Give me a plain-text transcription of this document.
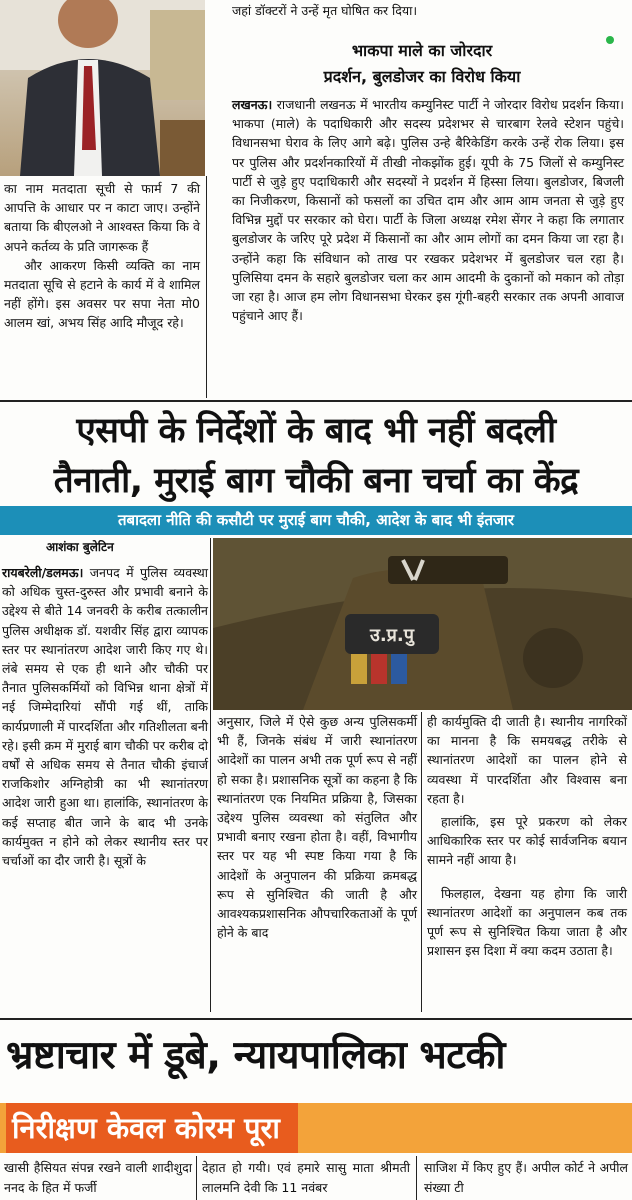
जहां डॉक्टरों ने उन्हें मृत घोषित कर दिया।

का नाम मतदाता सूची से फार्म 7 की आपत्ति के आधार पर न काटा जाए। उन्होंने बताया कि बीएलओ ने आश्वस्त किया कि वे अपने कर्तव्य के प्रति जागरूक हैं

और आकरण किसी व्यक्ति का नाम मतदाता सूचि से हटाने के कार्य में वे शामिल नहीं होंगे। इस अवसर पर सपा नेता मो0 आलम खां, अभय सिंह आदि मौजूद रहे।

भाकपा माले का जोरदार
प्रदर्शन, बुलडोजर का विरोध किया

लखनऊ। राजधानी लखनऊ में भारतीय कम्युनिस्ट पार्टी ने जोरदार विरोध प्रदर्शन किया। भाकपा (माले) के पदाधिकारी और सदस्य प्रदेशभर से चारबाग रेलवे स्टेशन पहुंचे। विधानसभा घेराव के लिए आगे बढ़े। पुलिस उन्हे बैरिकेडिंग करके उन्हें रोक लिया। इस पर पुलिस और प्रदर्शनकारियों में तीखी नोकझोंक हुई। यूपी के 75 जिलों से कम्युनिस्ट पार्टी से जुड़े हुए पदाधिकारी और सदस्यों ने प्रदर्शन में हिस्सा लिया। बुलडोजर, बिजली का निजीकरण, किसानों को फसलों का उचित दाम और आम आम जनता से जुड़े हुए विभिन्न मुद्दों पर सरकार को घेरा। पार्टी के जिला अध्यक्ष रमेश सेंगर ने कहा कि लगातार बुलडोजर के जरिए पूरे प्रदेश में किसानों का और आम लोगों का दमन किया जा रहा है। उन्होंने कहा कि संविधान को ताख पर रखकर प्रदेशभर में बुलडोजर चल रहा है। पुलिसिया दमन के सहारे बुलडोजर चला कर आम आदमी के दुकानों को मकान को तोड़ा जा रहा है। आज हम लोग विधानसभा घेरकर इस गूंगी-बहरी सरकार तक अपनी आवाज पहुंचाने आए हैं।

एसपी के निर्देशों के बाद भी नहीं बदली
तैनाती, मुराई बाग चौकी बना चर्चा का केंद्र
तबादला नीति की कसौटी पर मुराई बाग चौकी, आदेश के बाद भी इंतजार
आशंका बुलेटिन
उ.प्र.पु

रायबरेली/डलमऊ। जनपद में पुलिस व्यवस्था को अधिक चुस्त-दुरुस्त और प्रभावी बनाने के उद्देश्य से बीते 14 जनवरी के करीब तत्कालीन पुलिस अधीक्षक डॉ. यशवीर सिंह द्वारा व्यापक स्तर पर स्थानांतरण आदेश जारी किए गए थे। लंबे समय से एक ही थाने और चौकी पर तैनात पुलिसकर्मियों को विभिन्न थाना क्षेत्रों में नई जिम्मेदारियां सौंपी गई थीं, ताकि कार्यप्रणाली में पारदर्शिता और गतिशीलता बनी रहे। इसी क्रम में मुराई बाग चौकी पर करीब दो वर्षों से अधिक समय से तैनात चौकी इंचार्ज राजकिशोर अग्निहोत्री का भी स्थानांतरण आदेश जारी हुआ था। हालांकि, स्थानांतरण के कई सप्ताह बीत जाने के बाद भी उनके कार्यमुक्त न होने को लेकर स्थानीय स्तर पर चर्चाओं का दौर जारी है। सूत्रों के

अनुसार, जिले में ऐसे कुछ अन्य पुलिसकर्मी भी हैं, जिनके संबंध में जारी स्थानांतरण आदेशों का पालन अभी तक पूर्ण रूप से नहीं हो सका है। प्रशासनिक सूत्रों का कहना है कि स्थानांतरण एक नियमित प्रक्रिया है, जिसका उद्देश्य पुलिस व्यवस्था को संतुलित और प्रभावी बनाए रखना होता है। वहीं, विभागीय स्तर पर यह भी स्पष्ट किया गया है कि आदेशों के अनुपालन की प्रक्रिया क्रमबद्ध रूप से सुनिश्चित की जाती है और आवश्यकप्रशासनिक औपचारिकताओं के पूर्ण होने के बाद

ही कार्यमुक्ति दी जाती है। स्थानीय नागरिकों का मानना है कि समयबद्ध तरीके से स्थानांतरण आदेशों का पालन होने से व्यवस्था में पारदर्शिता और विश्वास बना रहता है।

हालांकि, इस पूरे प्रकरण को लेकर आधिकारिक स्तर पर कोई सार्वजनिक बयान सामने नहीं आया है।

फिलहाल, देखना यह होगा कि जारी स्थानांतरण आदेशों का अनुपालन कब तक पूर्ण रूप से सुनिश्चित किया जाता है और प्रशासन इस दिशा में क्या कदम उठाता है।

भ्रष्टाचार में डूबे, न्यायपालिका भटकी
निरीक्षण केवल कोरम पूरा
खासी हैसियत संपन्न रखने वाली शादीशुदा ननद के हित में फर्जी
देहात हो गयी। एवं हमारे सासु माता श्रीमती लालमनि देवी कि 11 नवंबर
साजिश में किए हुए हैं। अपील कोर्ट ने अपील संख्या टी
